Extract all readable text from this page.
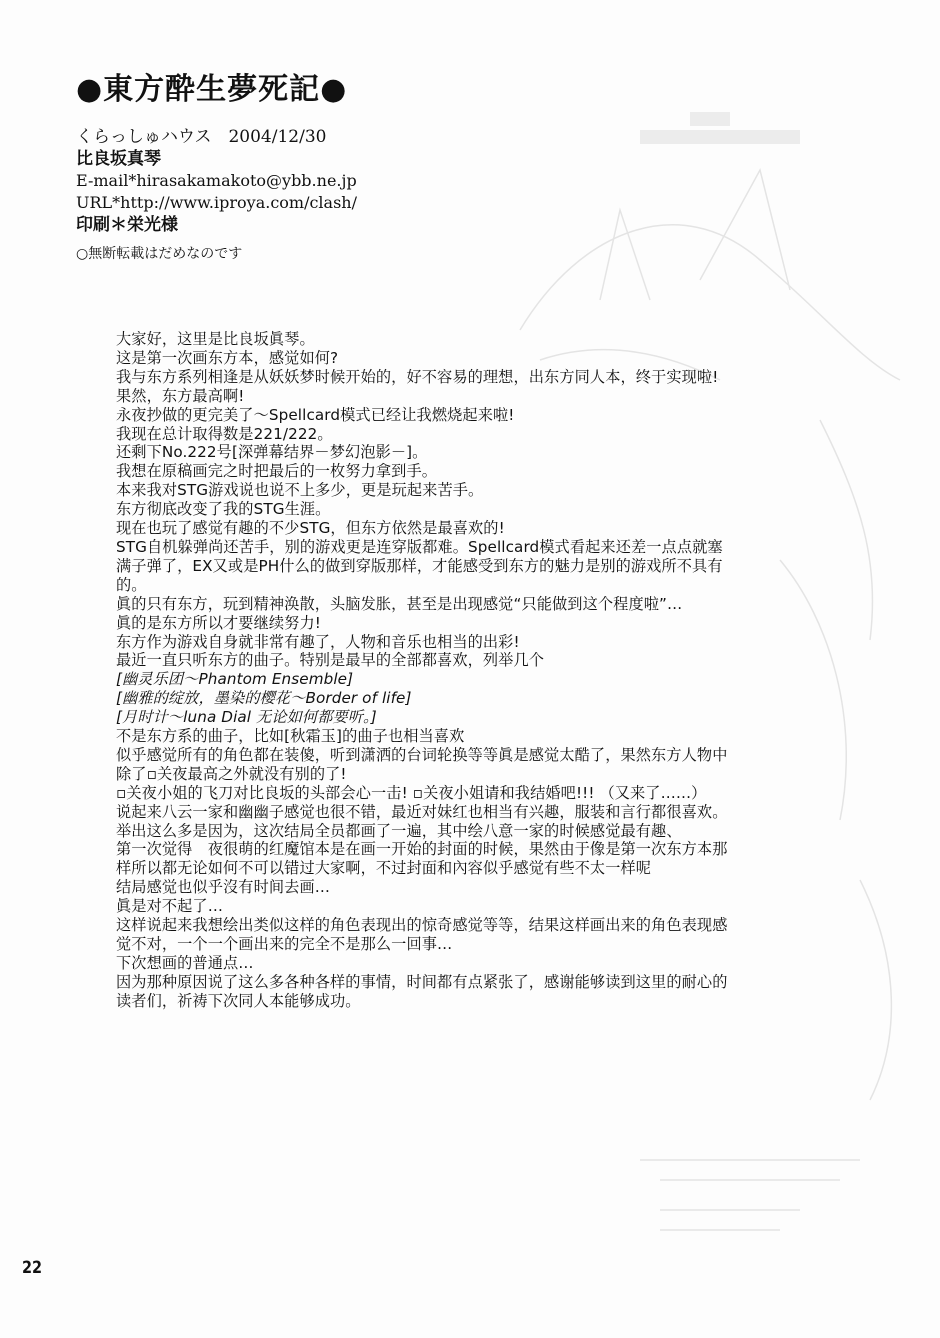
●東方酔生夢死記●
くらっしゅハウス　2004/12/30
比良坂真琴
E-mail*hirasakamakoto@ybb.ne.jp
URL*http://www.iproya.com/clash/
印刷＊栄光様
○無断転載はだめなのです
大家好，这里是比良坂眞琴。
这是第一次画东方本，感觉如何?
我与东方系列相逢是从妖妖梦时候开始的，好不容易的理想，出东方同人本，终于实现啦!
果然，东方最高啊!
永夜抄做的更完美了～Spellcard模式已经让我燃烧起来啦!
我现在总计取得数是221/222。
还剩下No.222号[深弹幕结界－梦幻泡影－]。
我想在原稿画完之时把最后的一枚努力拿到手。
本来我对STG游戏说也说不上多少，更是玩起来苦手。
东方彻底改变了我的STG生涯。
现在也玩了感觉有趣的不少STG，但东方依然是最喜欢的!
STG自机躲弹尚还苦手，别的游戏更是连穿版都难。Spellcard模式看起来还差一点点就塞
满子弹了，EX又或是PH什么的做到穿版那样，才能感受到东方的魅力是别的游戏所不具有
的。
眞的只有东方，玩到精神涣散，头脑发胀，甚至是出现感觉“只能做到这个程度啦”…
眞的是东方所以才要继续努力!
东方作为游戏自身就非常有趣了，人物和音乐也相当的出彩!
最近一直只听东方的曲子。特别是最早的全部都喜欢，列举几个
[幽灵乐团～Phantom Ensemble]
[幽雅的绽放，墨染的樱花～Border of life]
[月时计～luna Dial 无论如何都要听。]
不是东方系的曲子，比如[秋霜玉]的曲子也相当喜欢
似乎感觉所有的角色都在装傻，听到潇洒的台词轮换等等眞是感觉太酷了，果然东方人物中
除了▫关夜最高之外就没有别的了!
▫关夜小姐的飞刀对比良坂的头部会心一击! ▫关夜小姐请和我结婚吧!!! （又来了……）
说起来八云一家和幽幽子感觉也很不错，最近对妹红也相当有兴趣，服装和言行都很喜欢。
举出这么多是因为，这次结局全员都画了一遍，其中绘八意一家的时候感觉最有趣、
第一次觉得　夜很萌的红魔馆本是在画一开始的封面的时候，果然由于像是第一次东方本那
样所以都无论如何不可以错过大家啊，不过封面和內容似乎感觉有些不太一样呢
结局感觉也似乎沒有时间去画…
眞是对不起了…
这样说起来我想绘出类似这样的角色表现出的惊奇感觉等等，结果这样画出来的角色表现感
觉不对，一个一个画出来的完全不是那么一回事…
下次想画的普通点…
因为那种原因说了这么多各种各样的事情，时间都有点紧张了，感谢能够读到这里的耐心的
读者们，祈祷下次同人本能够成功。
22
